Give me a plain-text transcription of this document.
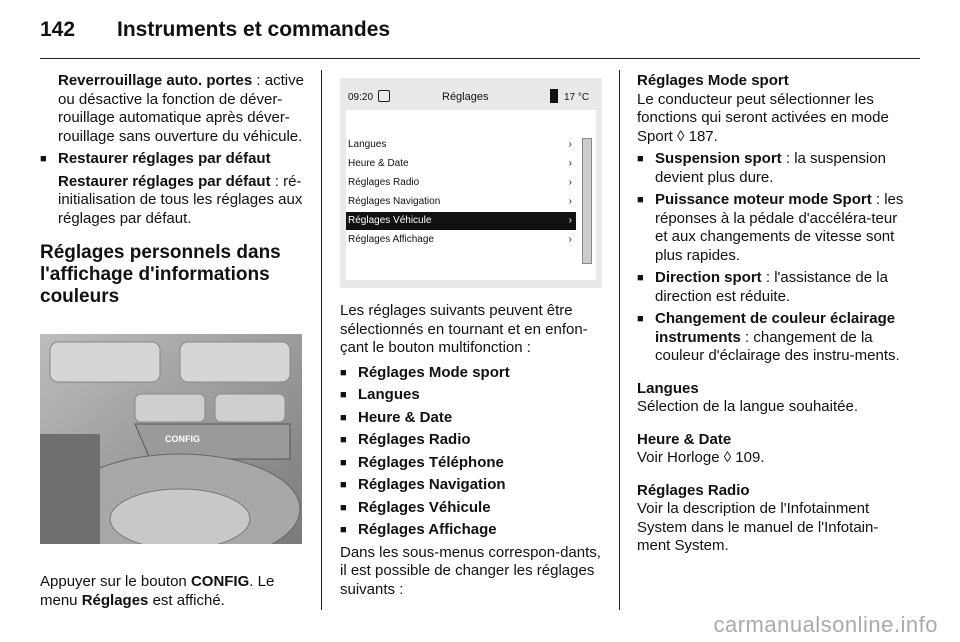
142 Instruments et commandes

Reverrouillage auto. portes : active ou désactive la fonction de déver-rouillage automatique après déver-rouillage sans ouverture du véhicule.

■ Restaurer réglages par défaut

Restaurer réglages par défaut : ré-initialisation de tous les réglages aux réglages par défaut.

Réglages personnels dans l'affichage d'informations couleurs
CONFIG

Appuyer sur le bouton CONFIG. Le menu Réglages est affiché.

09:20	Réglages	17 °C
Langues	›
Heure & Date	›
Réglages Radio	›
Réglages Navigation	›
Réglages Véhicule	›
Réglages Affichage	›

Les réglages suivants peuvent être sélectionnés en tournant et en enfon-çant le bouton multifonction :

■ Réglages Mode sport

■ Langues

■ Heure & Date

■ Réglages Radio

■ Réglages Téléphone

■ Réglages Navigation

■ Réglages Véhicule

■ Réglages Affichage

Dans les sous-menus correspon-dants, il est possible de changer les réglages suivants :

Réglages Mode sport

Le conducteur peut sélectionner les fonctions qui seront activées en mode Sport ◊ 187.

■ Suspension sport : la suspension devient plus dure.

■ Puissance moteur mode Sport : les réponses à la pédale d'accéléra-teur et aux changements de vitesse sont plus rapides.

■ Direction sport : l'assistance de la direction est réduite.

■ Changement de couleur éclairage instruments : changement de la couleur d'éclairage des instru-ments.

Langues

Sélection de la langue souhaitée.

Heure & Date

Voir Horloge ◊ 109.

Réglages Radio

Voir la description de l'Infotainment System dans le manuel de l'Infotain-ment System.

carmanualsonline.info
